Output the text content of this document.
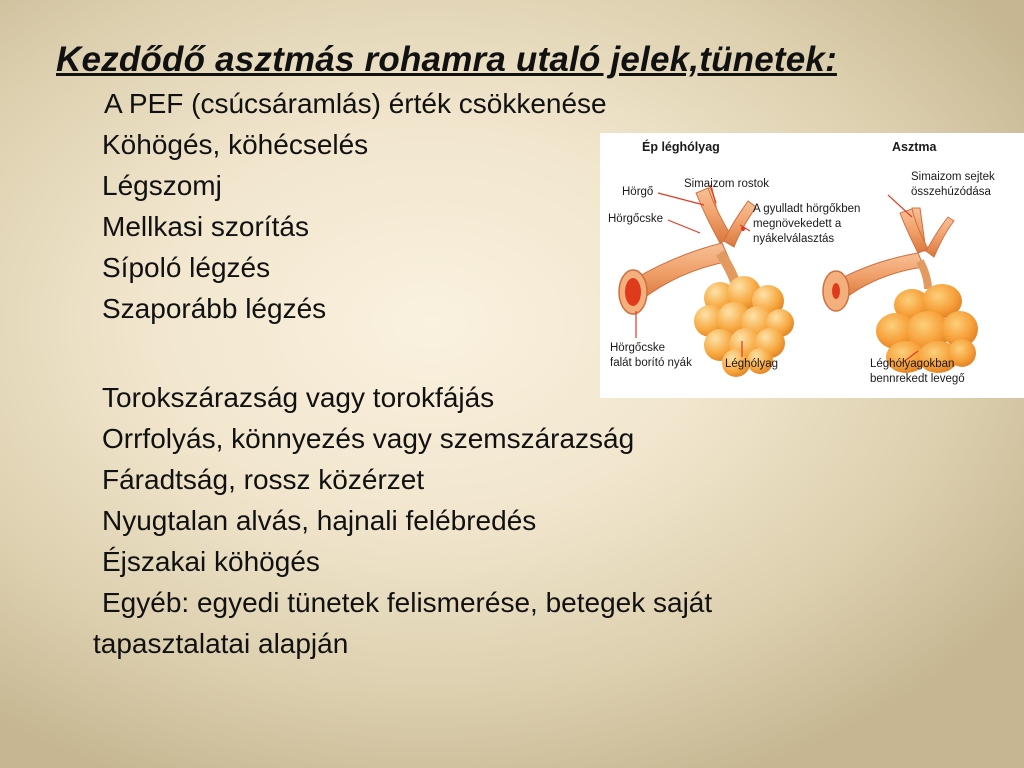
Kezdődő asztmás rohamra utaló jelek,tünetek:
A PEF (csúcsáramlás) érték csökkenése
Köhögés, köhécselés
Légszomj
Mellkasi szorítás
Sípoló légzés
Szaporább légzés
Torokszárazság vagy torokfájás
Orrfolyás, könnyezés vagy szemszárazság
Fáradtság, rossz közérzet
Nyugtalan alvás, hajnali felébredés
Éjszakai köhögés
Egyéb: egyedi tünetek felismerése, betegek saját
tapasztalatai alapján
Ép léghólyag	Asztma
Hörgő
Hörgőcske
Simaizom rostok
A gyulladt hörgőkben
megnövekedett a
nyákelválasztás
Simaizom sejtek
összehúzódása
Hörgőcske
falát borító nyák	Léghólyag	Léghólyagokban
bennrekedt levegő
